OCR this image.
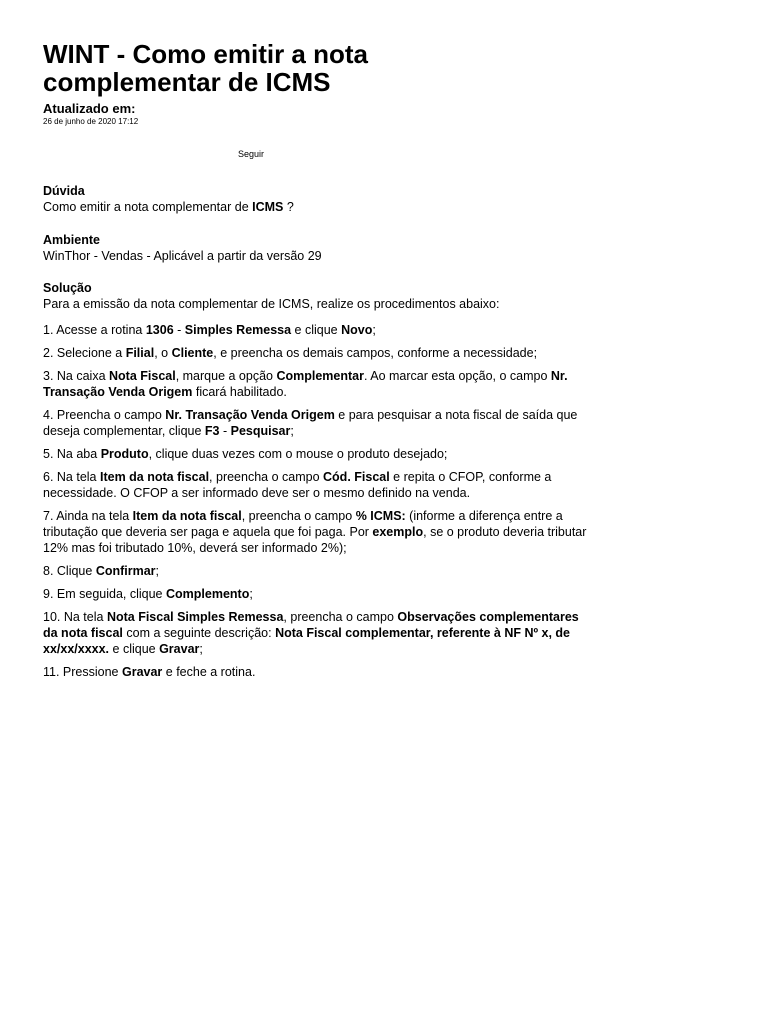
WINT - Como emitir a nota complementar de ICMS
Atualizado em:
26 de junho de 2020 17:12
Seguir
Dúvida
Como emitir a nota complementar de ICMS ?
Ambiente
WinThor - Vendas - Aplicável a partir da versão 29
Solução
Para a emissão da nota complementar de ICMS, realize os procedimentos abaixo:
1. Acesse a rotina 1306 - Simples Remessa e clique Novo;
2. Selecione a Filial, o Cliente, e preencha os demais campos, conforme a necessidade;
3. Na caixa Nota Fiscal, marque a opção Complementar. Ao marcar esta opção, o campo Nr. Transação Venda Origem ficará habilitado.
4. Preencha o campo Nr. Transação Venda Origem e para pesquisar a nota fiscal de saída que deseja complementar, clique F3 - Pesquisar;
5. Na aba Produto, clique duas vezes com o mouse o produto desejado;
6. Na tela Item da nota fiscal, preencha o campo Cód. Fiscal e repita o CFOP, conforme a necessidade. O CFOP a ser informado deve ser o mesmo definido na venda.
7. Ainda na tela Item da nota fiscal, preencha o campo % ICMS: (informe a diferença entre a tributação que deveria ser paga e aquela que foi paga. Por exemplo, se o produto deveria tributar 12% mas foi tributado 10%, deverá ser informado 2%);
8. Clique Confirmar;
9. Em seguida, clique Complemento;
10. Na tela Nota Fiscal Simples Remessa, preencha o campo Observações complementares da nota fiscal com a seguinte descrição: Nota Fiscal complementar, referente à NF Nº x, de xx/xx/xxxx. e clique Gravar;
11. Pressione Gravar e feche a rotina.
